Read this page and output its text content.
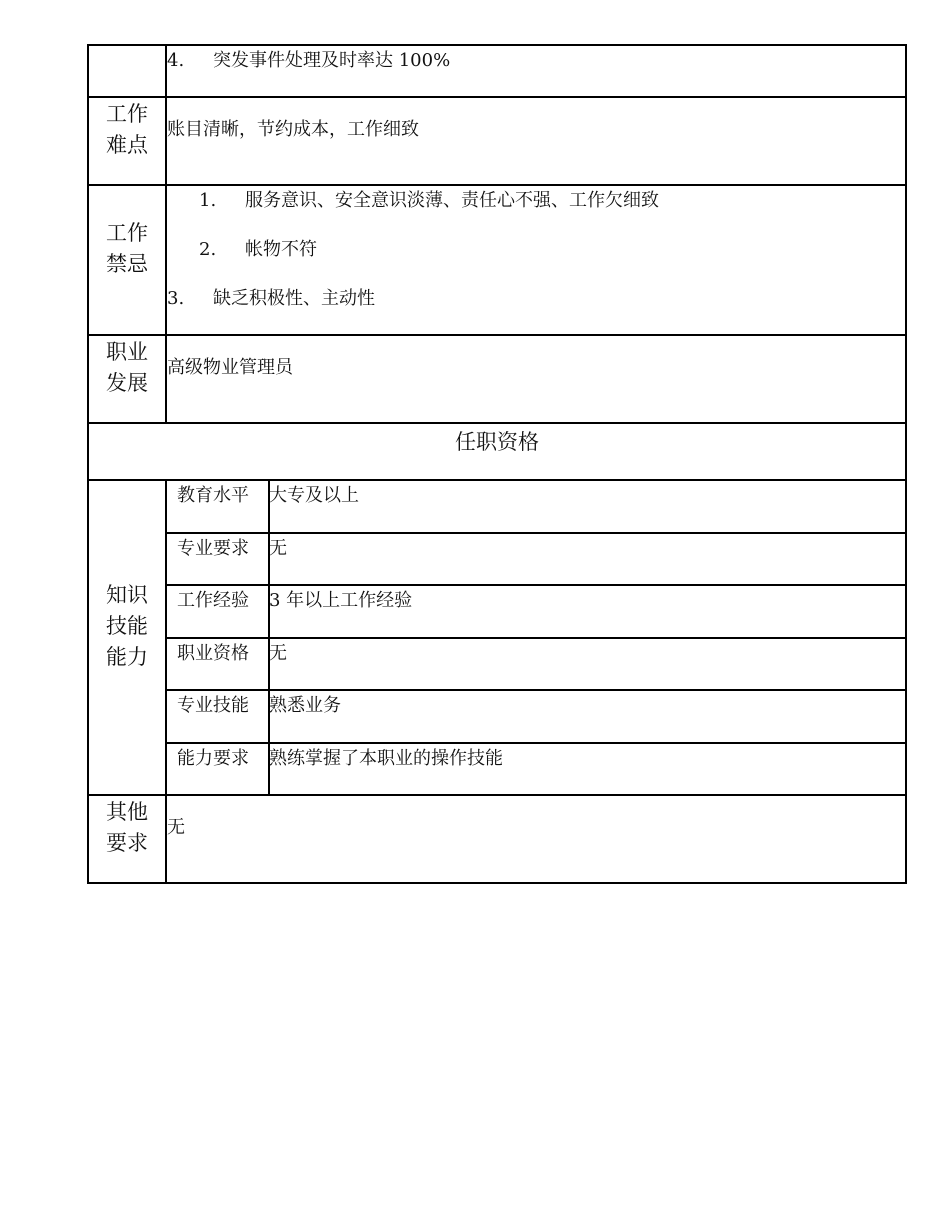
4. 突发事件处理及时率达 100%
工作
难点
账目清晰，节约成本，工作细致
工作
禁忌
1. 服务意识、安全意识淡薄、责任心不强、工作欠细致
2. 帐物不符
3. 缺乏积极性、主动性
职业
发展
高级物业管理员
任职资格
知识
技能
能力
教育水平 大专及以上
专业要求 无
工作经验 3 年以上工作经验
职业资格 无
专业技能 熟悉业务
能力要求 熟练掌握了本职业的操作技能
其他
要求
无
